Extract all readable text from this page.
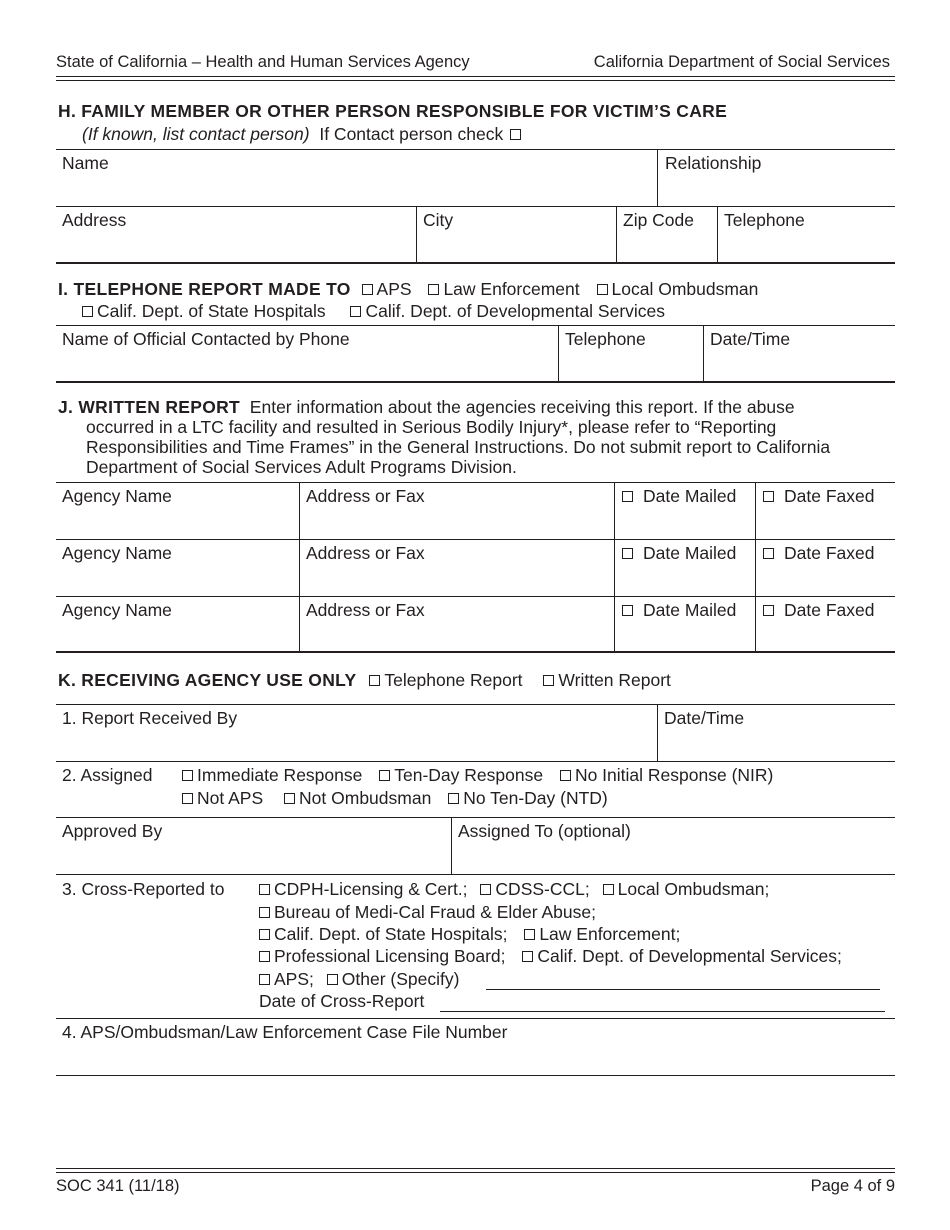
State of California – Health and Human Services Agency	California Department of Social Services
H. FAMILY MEMBER OR OTHER PERSON RESPONSIBLE FOR VICTIM’S CARE
(If known, list contact person) If Contact person check
Name	Relationship
Address	City	Zip Code Telephone
I. TELEPHONE REPORT MADE TO APS Law Enforcement Local Ombudsman
Calif. Dept. of State Hospitals Calif. Dept. of Developmental Services
Name of Official Contacted by Phone	Telephone	Date/Time
J. WRITTEN REPORT Enter information about the agencies receiving this report. If the abuse
occurred in a LTC facility and resulted in Serious Bodily Injury*, please refer to “Reporting
Responsibilities and Time Frames” in the General Instructions. Do not submit report to California
Department of Social Services Adult Programs Division.
Agency Name	Address or Fax	Date Mailed	Date Faxed
Agency Name	Address or Fax	Date Mailed	Date Faxed
Agency Name	Address or Fax	Date Mailed	Date Faxed
K. RECEIVING AGENCY USE ONLY Telephone Report Written Report
1. Report Received By	Date/Time
2. Assigned	Immediate Response Ten-Day Response No Initial Response (NIR)
Not APS Not Ombudsman No Ten-Day (NTD)
Approved By	Assigned To (optional)
3. Cross-Reported to	CDPH-Licensing & Cert.; CDSS-CCL; Local Ombudsman;
Bureau of Medi-Cal Fraud & Elder Abuse;
Calif. Dept. of State Hospitals; Law Enforcement;
Professional Licensing Board; Calif. Dept. of Developmental Services;
APS; Other (Specify)
Date of Cross-Report
4. APS/Ombudsman/Law Enforcement Case File Number
SOC 341 (11/18)	Page 4 of 9
